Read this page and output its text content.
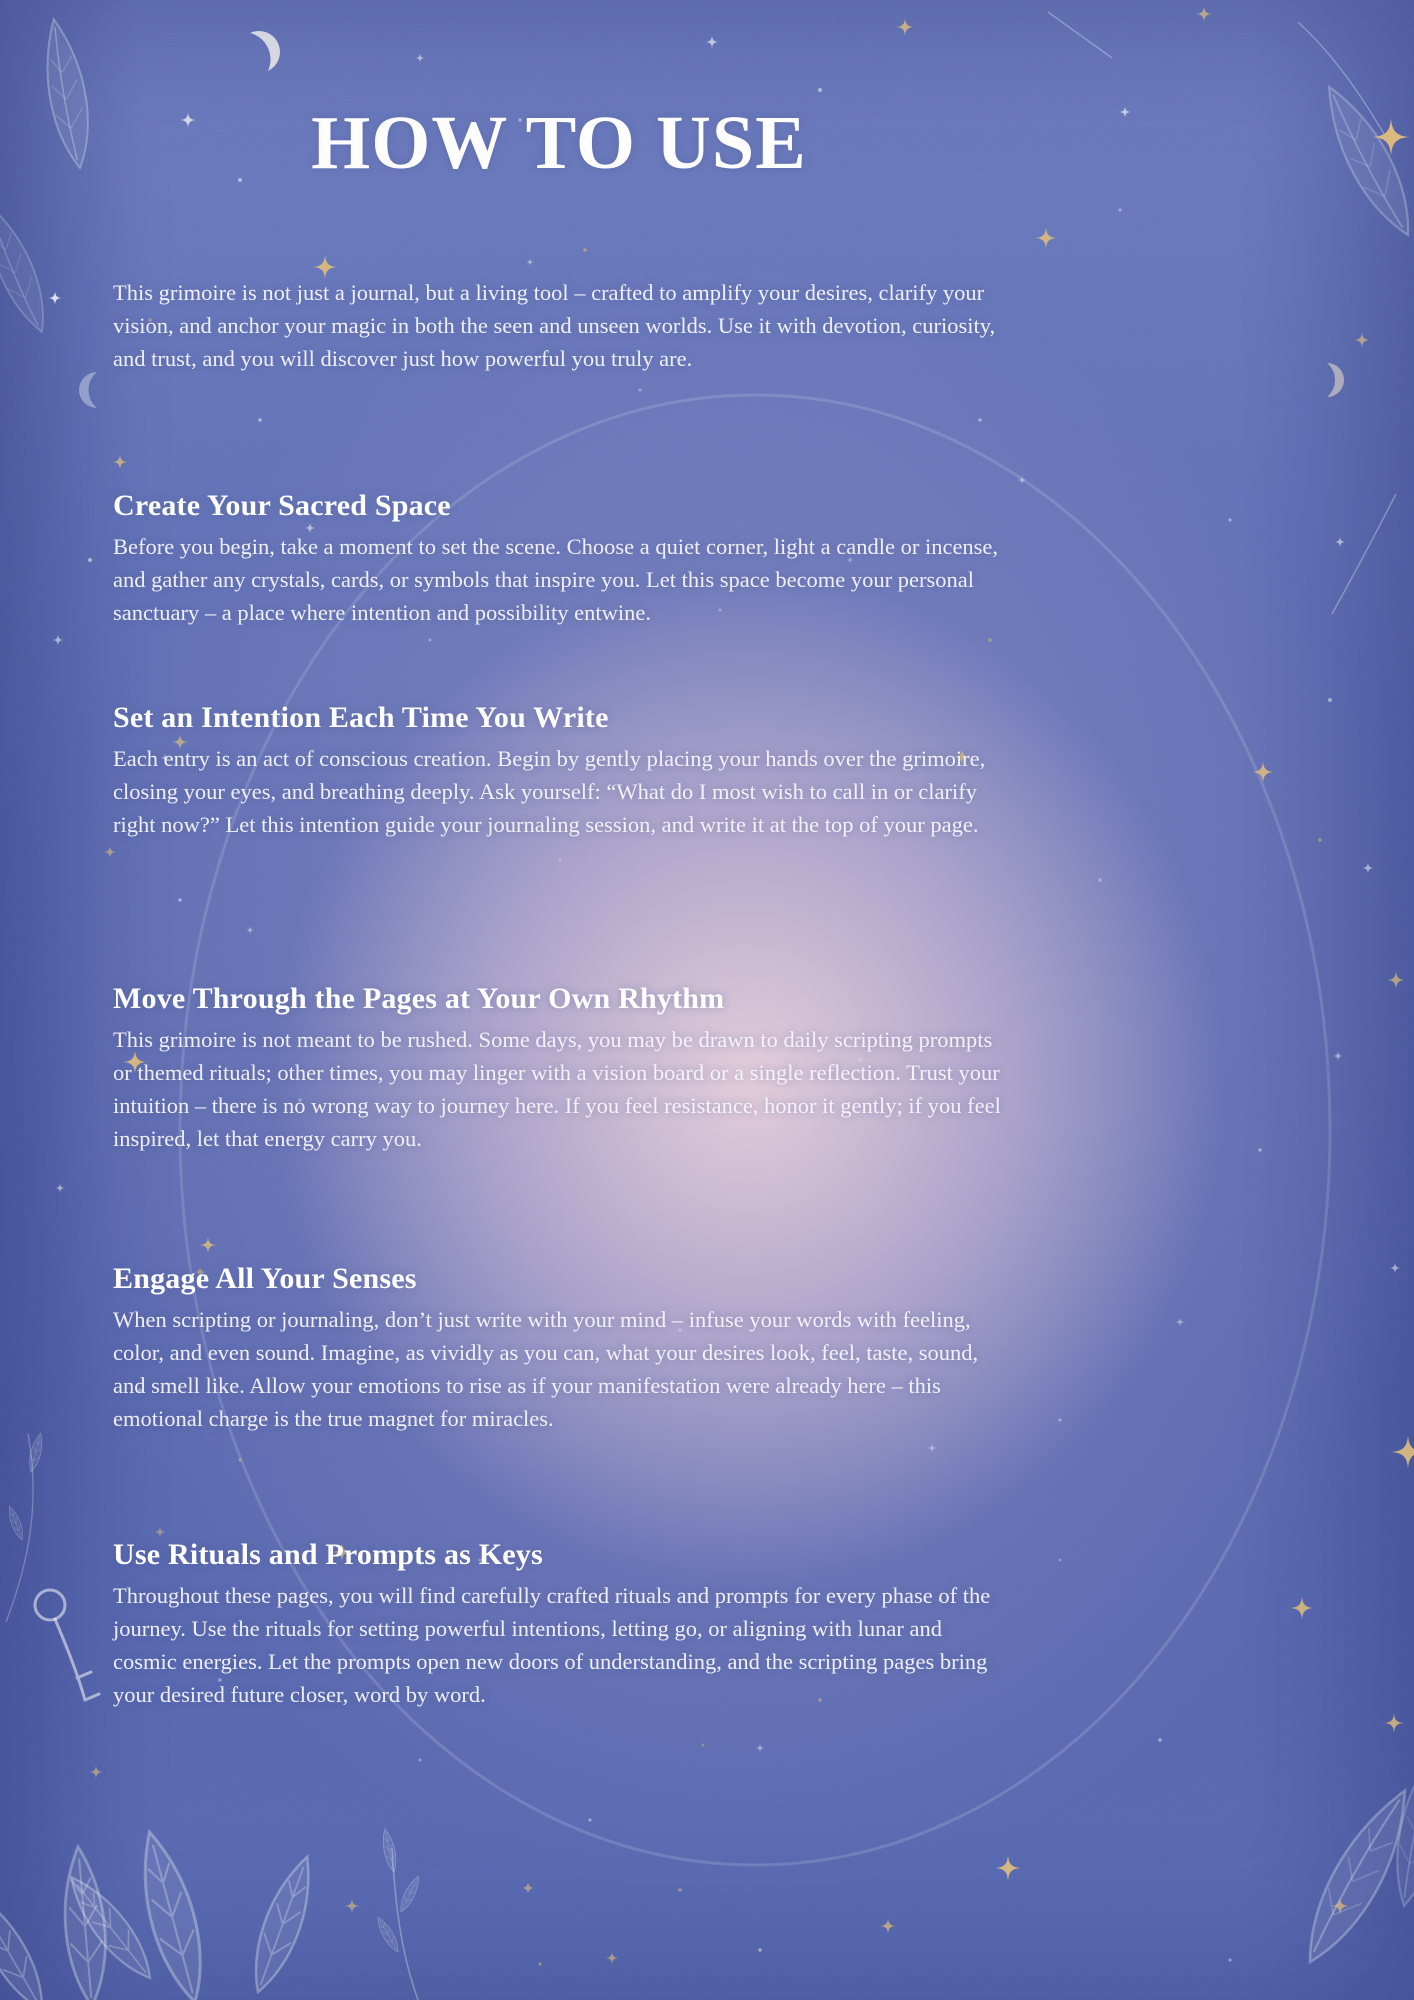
HOW TO USE

This grimoire is not just a journal, but a living tool – crafted to amplify your desires, clarify your vision, and anchor your magic in both the seen and unseen worlds. Use it with devotion, curiosity, and trust, and you will discover just how powerful you truly are.

Create Your Sacred Space

Before you begin, take a moment to set the scene. Choose a quiet corner, light a candle or incense, and gather any crystals, cards, or symbols that inspire you. Let this space become your personal sanctuary – a place where intention and possibility entwine.

Set an Intention Each Time You Write

Each entry is an act of conscious creation. Begin by gently placing your hands over the grimoire, closing your eyes, and breathing deeply. Ask yourself: “What do I most wish to call in or clarify right now?” Let this intention guide your journaling session, and write it at the top of your page.

Move Through the Pages at Your Own Rhythm

This grimoire is not meant to be rushed. Some days, you may be drawn to daily scripting prompts or themed rituals; other times, you may linger with a vision board or a single reflection. Trust your intuition – there is no wrong way to journey here. If you feel resistance, honor it gently; if you feel inspired, let that energy carry you.

Engage All Your Senses

When scripting or journaling, don’t just write with your mind – infuse your words with feeling, color, and even sound. Imagine, as vividly as you can, what your desires look, feel, taste, sound, and smell like. Allow your emotions to rise as if your manifestation were already here – this emotional charge is the true magnet for miracles.

Use Rituals and Prompts as Keys

Throughout these pages, you will find carefully crafted rituals and prompts for every phase of the journey. Use the rituals for setting powerful intentions, letting go, or aligning with lunar and cosmic energies. Let the prompts open new doors of understanding, and the scripting pages bring your desired future closer, word by word.
